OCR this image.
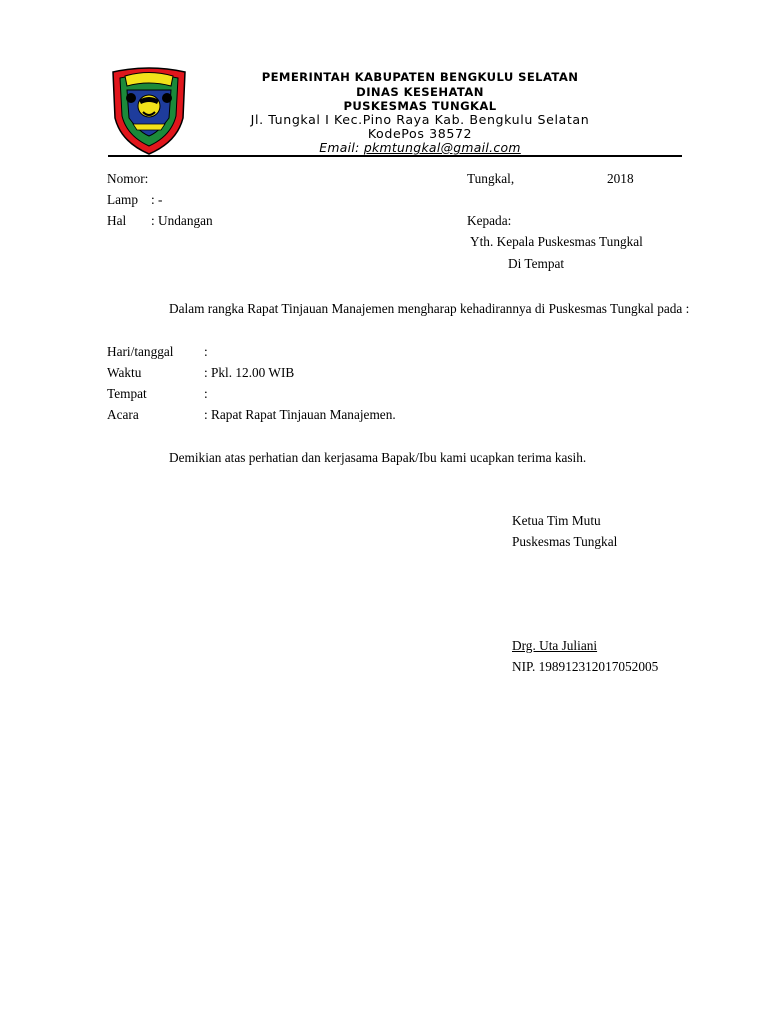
PEMERINTAH KABUPATEN BENGKULU SELATAN
DINAS KESEHATAN
PUSKESMAS TUNGKAL
Jl. Tungkal I Kec.Pino Raya Kab. Bengkulu Selatan
KodePos 38572
Email: pkmtungkal@gmail.com
Nomor:
Lamp : -
Hal : Undangan
Tungkal,	2018
Kepada:
Yth. Kepala Puskesmas Tungkal
Di Tempat
Dalam rangka Rapat Tinjauan Manajemen mengharap kehadirannya di Puskesmas Tungkal pada :
Hari/tanggal :
Waktu	: Pkl. 12.00 WIB
Tempat	:
Acara	: Rapat Rapat Tinjauan Manajemen.
Demikian atas perhatian dan kerjasama Bapak/Ibu kami ucapkan terima kasih.
Ketua Tim Mutu
Puskesmas Tungkal
Drg. Uta Juliani
NIP. 198912312017052005
